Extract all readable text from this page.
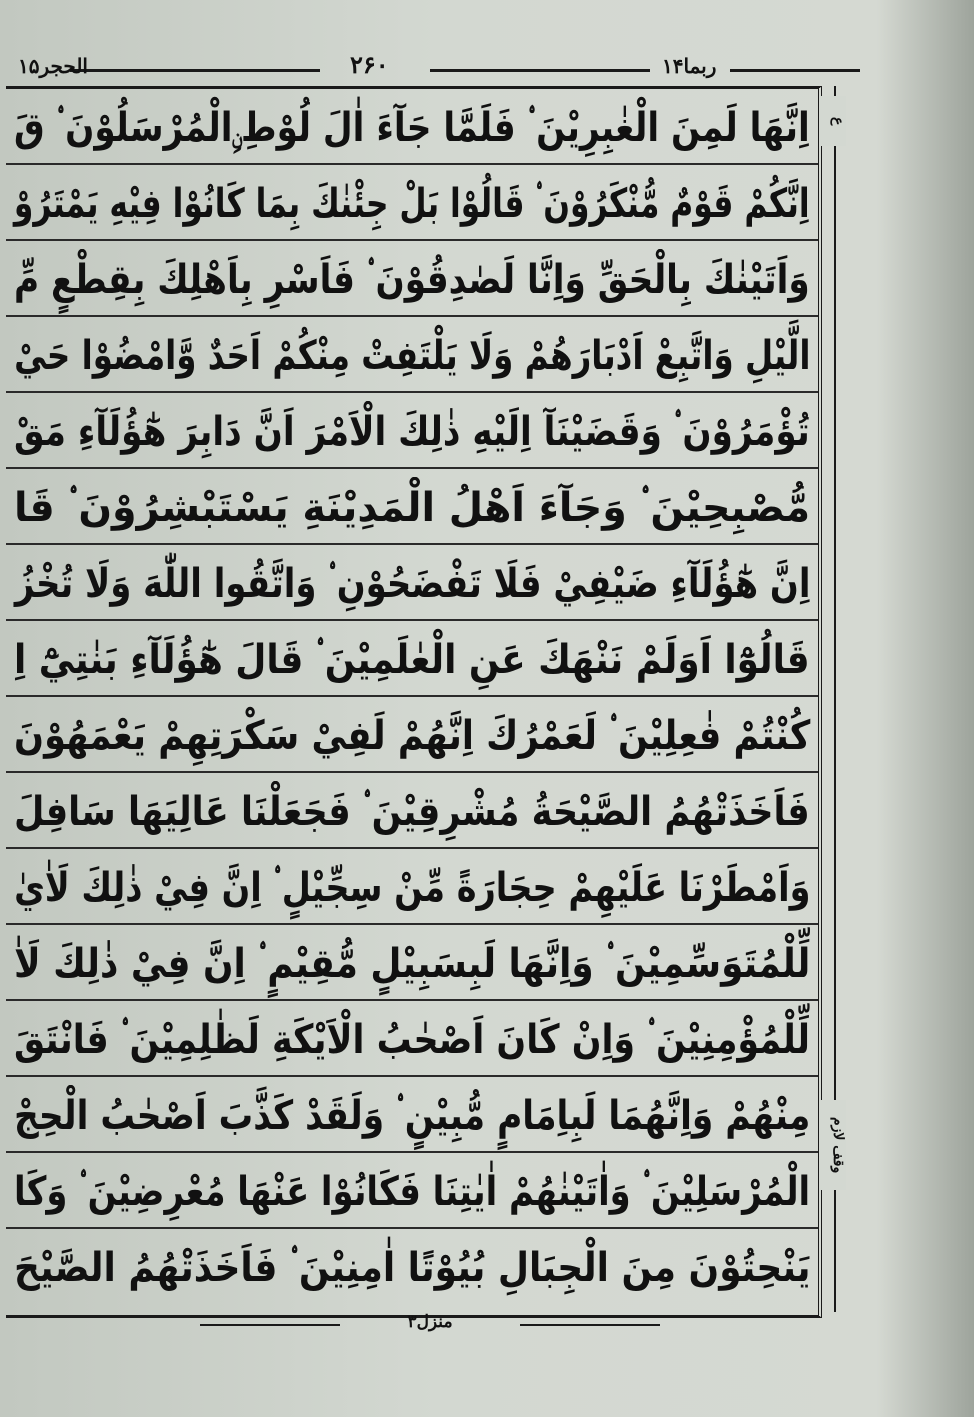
الحجر۱۵	۲۶۰	ربما۱۴
اِنَّهَا لَمِنَ الْغٰبِرِيْنَ ۟ فَلَمَّا جَآءَ اٰلَ لُوْطِ ࣙالْمُرْسَلُوْنَ ۟ قَ
اِنَّكُمْ قَوْمٌ مُّنْكَرُوْنَ ۟ قَالُوْا بَلْ جِئْنٰكَ بِمَا كَانُوْا فِيْهِ يَمْتَرُوْ
وَاَتَيْنٰكَ بِالْحَقِّ وَاِنَّا لَصٰدِقُوْنَ ۟ فَاَسْرِ بِاَهْلِكَ بِقِطْعٍ مِّ
الَّيْلِ وَاتَّبِعْ اَدْبَارَهُمْ وَلَا يَلْتَفِتْ مِنْكُمْ اَحَدٌ وَّامْضُوْا حَيْ
تُؤْمَرُوْنَ ۟ وَقَضَيْنَآ اِلَيْهِ ذٰلِكَ الْاَمْرَ اَنَّ دَابِرَ هٰٓؤُلَآءِ مَقْ
مُّصْبِحِيْنَ ۟ وَجَآءَ اَهْلُ الْمَدِيْنَةِ يَسْتَبْشِرُوْنَ ۟ قَا
اِنَّ هٰٓؤُلَآءِ ضَيْفِيْ فَلَا تَفْضَحُوْنِ ۟ وَاتَّقُوا اللّٰهَ وَلَا تُخْزُ
قَالُوْٓا اَوَلَمْ نَنْهَكَ عَنِ الْعٰلَمِيْنَ ۟ قَالَ هٰٓؤُلَآءِ بَنٰتِيْٓ اِ
كُنْتُمْ فٰعِلِيْنَ ۟ لَعَمْرُكَ اِنَّهُمْ لَفِيْ سَكْرَتِهِمْ يَعْمَهُوْنَ
فَاَخَذَتْهُمُ الصَّيْحَةُ مُشْرِقِيْنَ ۟ فَجَعَلْنَا عَالِيَهَا سَافِلَ
وَاَمْطَرْنَا عَلَيْهِمْ حِجَارَةً مِّنْ سِجِّيْلٍ ۟ اِنَّ فِيْ ذٰلِكَ لَاٰيٰ
لِّلْمُتَوَسِّمِيْنَ ۟ وَاِنَّهَا لَبِسَبِيْلٍ مُّقِيْمٍ ۟ اِنَّ فِيْ ذٰلِكَ لَاٰ
لِّلْمُؤْمِنِيْنَ ۟ وَاِنْ كَانَ اَصْحٰبُ الْاَيْكَةِ لَظٰلِمِيْنَ ۟ فَانْتَقَ
مِنْهُمْ وَاِنَّهُمَا لَبِاِمَامٍ مُّبِيْنٍ ۟ وَلَقَدْ كَذَّبَ اَصْحٰبُ الْحِجْ
الْمُرْسَلِيْنَ ۟ وَاٰتَيْنٰهُمْ اٰيٰتِنَا فَكَانُوْا عَنْهَا مُعْرِضِيْنَ ۟ وَكَا
يَنْحِتُوْنَ مِنَ الْجِبَالِ بُيُوْتًا اٰمِنِيْنَ ۟ فَاَخَذَتْهُمُ الصَّيْحَ
ع
وقف لازم
منزل۳
